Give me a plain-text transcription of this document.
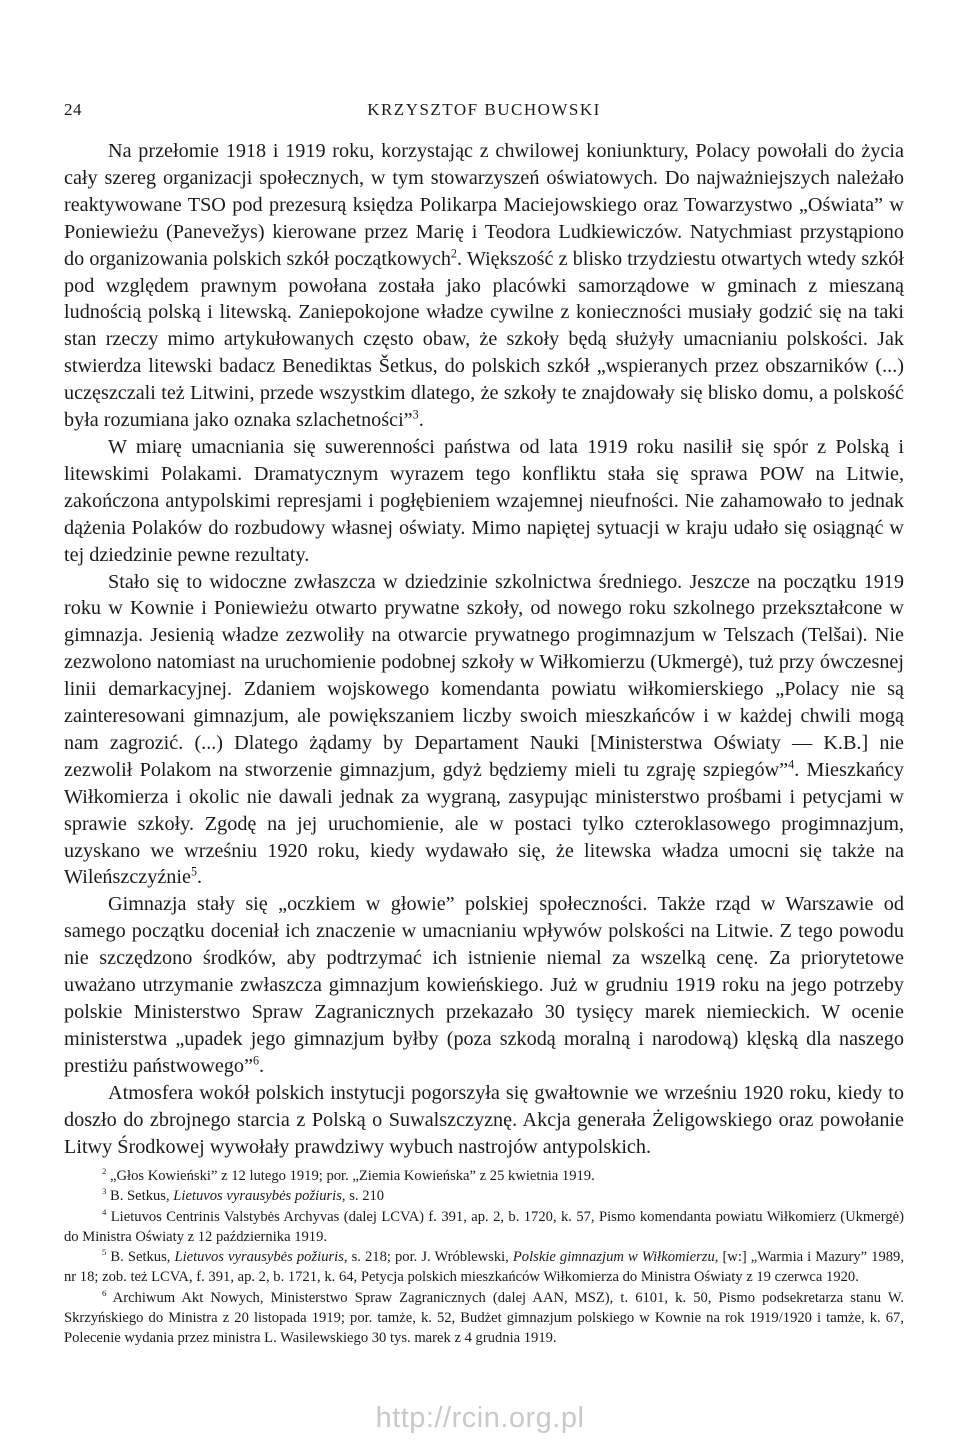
24	KRZYSZTOF BUCHOWSKI

Na przełomie 1918 i 1919 roku, korzystając z chwilowej koniunktury, Polacy powołali do życia cały szereg organizacji społecznych, w tym stowarzyszeń oświatowych. Do najważniejszych należało reaktywowane TSO pod prezesurą księdza Polikarpa Maciejowskiego oraz Towarzystwo „Oświata” w Poniewieżu (Panevežys) kierowane przez Marię i Teodora Ludkiewiczów. Natychmiast przystąpiono do organizowania polskich szkół początkowych$^2$. Większość z blisko trzydziestu otwartych wtedy szkół pod względem prawnym powołana została jako placówki samorządowe w gminach z mieszaną ludnością polską i litewską. Zaniepokojone władze cywilne z konieczności musiały godzić się na taki stan rzeczy mimo artykułowanych często obaw, że szkoły będą służyły umacnianiu polskości. Jak stwierdza litewski badacz Benediktas Šetkus, do polskich szkół „wspieranych przez obszarników (...) uczęszczali też Litwini, przede wszystkim dlatego, że szkoły te znajdowały się blisko domu, a polskość była rozumiana jako oznaka szlachetności”$^3$.

W miarę umacniania się suwerenności państwa od lata 1919 roku nasilił się spór z Polską i litewskimi Polakami. Dramatycznym wyrazem tego konfliktu stała się sprawa POW na Litwie, zakończona antypolskimi represjami i pogłębieniem wzajemnej nieufności. Nie zahamowało to jednak dążenia Polaków do rozbudowy własnej oświaty. Mimo napiętej sytuacji w kraju udało się osiągnąć w tej dziedzinie pewne rezultaty.

Stało się to widoczne zwłaszcza w dziedzinie szkolnictwa średniego. Jeszcze na początku 1919 roku w Kownie i Poniewieżu otwarto prywatne szkoły, od nowego roku szkolnego przekształcone w gimnazja. Jesienią władze zezwoliły na otwarcie prywatnego progimnazjum w Telszach (Telšai). Nie zezwolono natomiast na uruchomienie podobnej szkoły w Wiłkomierzu (Ukmergė), tuż przy ówczesnej linii demarkacyjnej. Zdaniem wojskowego komendanta powiatu wiłkomierskiego „Polacy nie są zainteresowani gimnazjum, ale powiększaniem liczby swoich mieszkańców i w każdej chwili mogą nam zagrozić. (...) Dlatego żądamy by Departament Nauki [Ministerstwa Oświaty — K.B.] nie zezwolił Polakom na stworzenie gimnazjum, gdyż będziemy mieli tu zgraję szpiegów”$^4$. Mieszkańcy Wiłkomierza i okolic nie dawali jednak za wygraną, zasypując ministerstwo prośbami i petycjami w sprawie szkoły. Zgodę na jej uruchomienie, ale w postaci tylko czteroklasowego progimnazjum, uzyskano we wrześniu 1920 roku, kiedy wydawało się, że litewska władza umocni się także na Wileńszczyźnie$^5$.

Gimnazja stały się „oczkiem w głowie” polskiej społeczności. Także rząd w Warszawie od samego początku doceniał ich znaczenie w umacnianiu wpływów polskości na Litwie. Z tego powodu nie szczędzono środków, aby podtrzymać ich istnienie niemal za wszelką cenę. Za priorytetowe uważano utrzymanie zwłaszcza gimnazjum kowieńskiego. Już w grudniu 1919 roku na jego potrzeby polskie Ministerstwo Spraw Zagranicznych przekazało 30 tysięcy marek niemieckich. W ocenie ministerstwa „upadek jego gimnazjum byłby (poza szkodą moralną i narodową) klęską dla naszego prestiżu państwowego”$^6$.

Atmosfera wokół polskich instytucji pogorszyła się gwałtownie we wrześniu 1920 roku, kiedy to doszło do zbrojnego starcia z Polską o Suwalszczyznę. Akcja generała Żeligowskiego oraz powołanie Litwy Środkowej wywołały prawdziwy wybuch nastrojów antypolskich.

$^2$ „Głos Kowieński” z 12 lutego 1919; por. „Ziemia Kowieńska” z 25 kwietnia 1919.

$^3$ B. Setkus, Lietuvos vyrausybės požiuris, s. 210

$^4$ Lietuvos Centrinis Valstybės Archyvas (dalej LCVA) f. 391, ap. 2, b. 1720, k. 57, Pismo komendanta powiatu Wiłkomierz (Ukmergė) do Ministra Oświaty z 12 października 1919.

$^5$ B. Setkus, Lietuvos vyrausybės požiuris, s. 218; por. J. Wróblewski, Polskie gimnazjum w Wiłkomierzu, [w:] „Warmia i Mazury” 1989, nr 18; zob. też LCVA, f. 391, ap. 2, b. 1721, k. 64, Petycja polskich mieszkańców Wiłkomierza do Ministra Oświaty z 19 czerwca 1920.

$^6$ Archiwum Akt Nowych, Ministerstwo Spraw Zagranicznych (dalej AAN, MSZ), t. 6101, k. 50, Pismo podsekretarza stanu W. Skrzyńskiego do Ministra z 20 listopada 1919; por. tamże, k. 52, Budżet gimnazjum polskiego w Kownie na rok 1919/1920 i tamże, k. 67, Polecenie wydania przez ministra L. Wasilewskiego 30 tys. marek z 4 grudnia 1919.

http://rcin.org.pl
